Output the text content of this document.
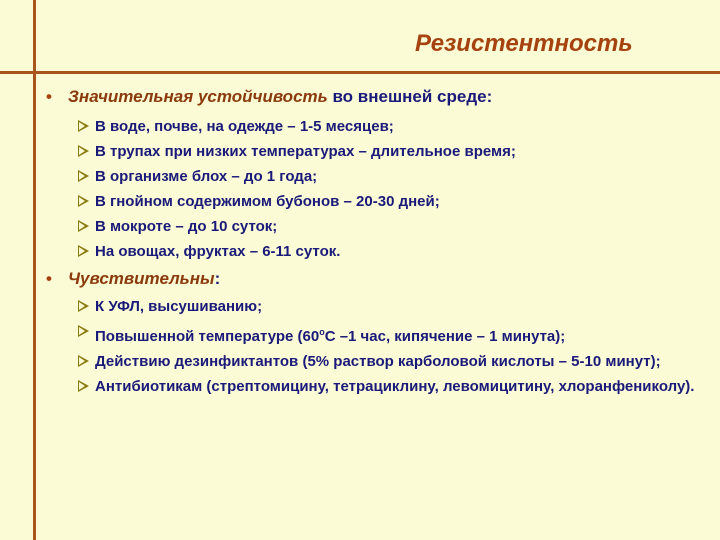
Резистентность
• Значительная устойчивость во внешней среде:
В воде, почве, на одежде – 1-5 месяцев;
В трупах при низких температурах – длительное время;
В организме блох – до 1 года;
В гнойном содержимом бубонов – 20-30 дней;
В мокроте – до 10 суток;
На овощах, фруктах – 6-11 суток.
• Чувствительны:
К УФЛ, высушиванию;
Повышенной температуре ($60^оС$ –1 час, кипячение – 1 минута);
Действию дезинфиктантов (5% раствор карболовой кислоты – 5-10 минут);
Антибиотикам (стрептомицину, тетрациклину, левомицитину, хлоранфениколу).
